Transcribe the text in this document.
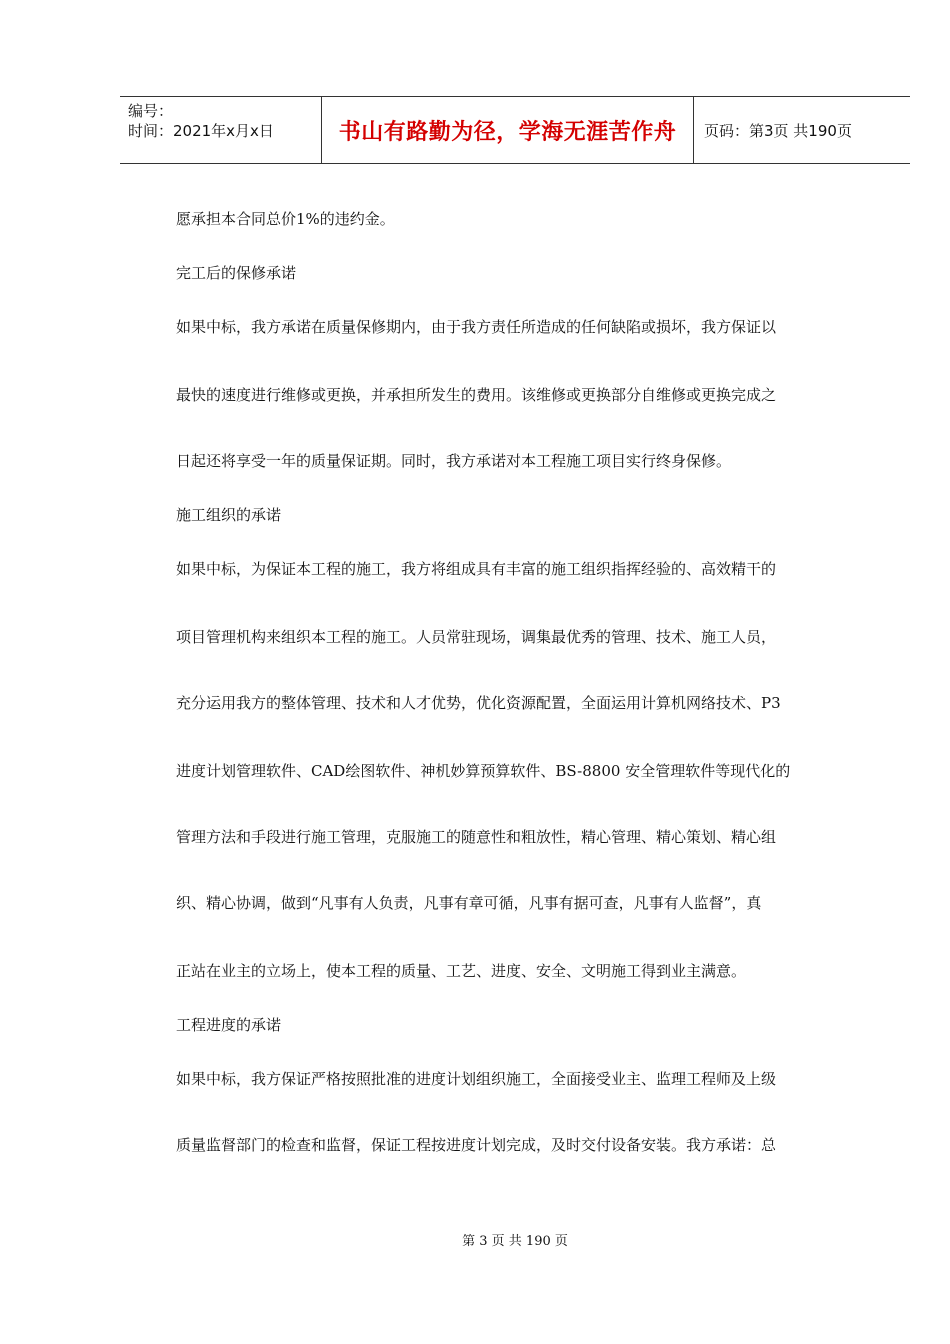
编号：
时间：2021年x月x日	书山有路勤为径，学海无涯苦作舟	页码：第3页 共190页
愿承担本合同总价1%的违约金。
完工后的保修承诺
如果中标，我方承诺在质量保修期内，由于我方责任所造成的任何缺陷或损坏，我方保证以
最快的速度进行维修或更换，并承担所发生的费用。该维修或更换部分自维修或更换完成之
日起还将享受一年的质量保证期。同时，我方承诺对本工程施工项目实行终身保修。
施工组织的承诺
如果中标，为保证本工程的施工，我方将组成具有丰富的施工组织指挥经验的、高效精干的
项目管理机构来组织本工程的施工。人员常驻现场，调集最优秀的管理、技术、施工人员，
充分运用我方的整体管理、技术和人才优势，优化资源配置，全面运用计算机网络技术、P3
进度计划管理软件、CAD绘图软件、神机妙算预算软件、BS-8800 安全管理软件等现代化的
管理方法和手段进行施工管理，克服施工的随意性和粗放性，精心管理、精心策划、精心组
织、精心协调，做到“凡事有人负责，凡事有章可循，凡事有据可查，凡事有人监督”，真
正站在业主的立场上，使本工程的质量、工艺、进度、安全、文明施工得到业主满意。
工程进度的承诺
如果中标，我方保证严格按照批准的进度计划组织施工，全面接受业主、监理工程师及上级
质量监督部门的检查和监督，保证工程按进度计划完成，及时交付设备安装。我方承诺：总
第 3 页 共 190 页
